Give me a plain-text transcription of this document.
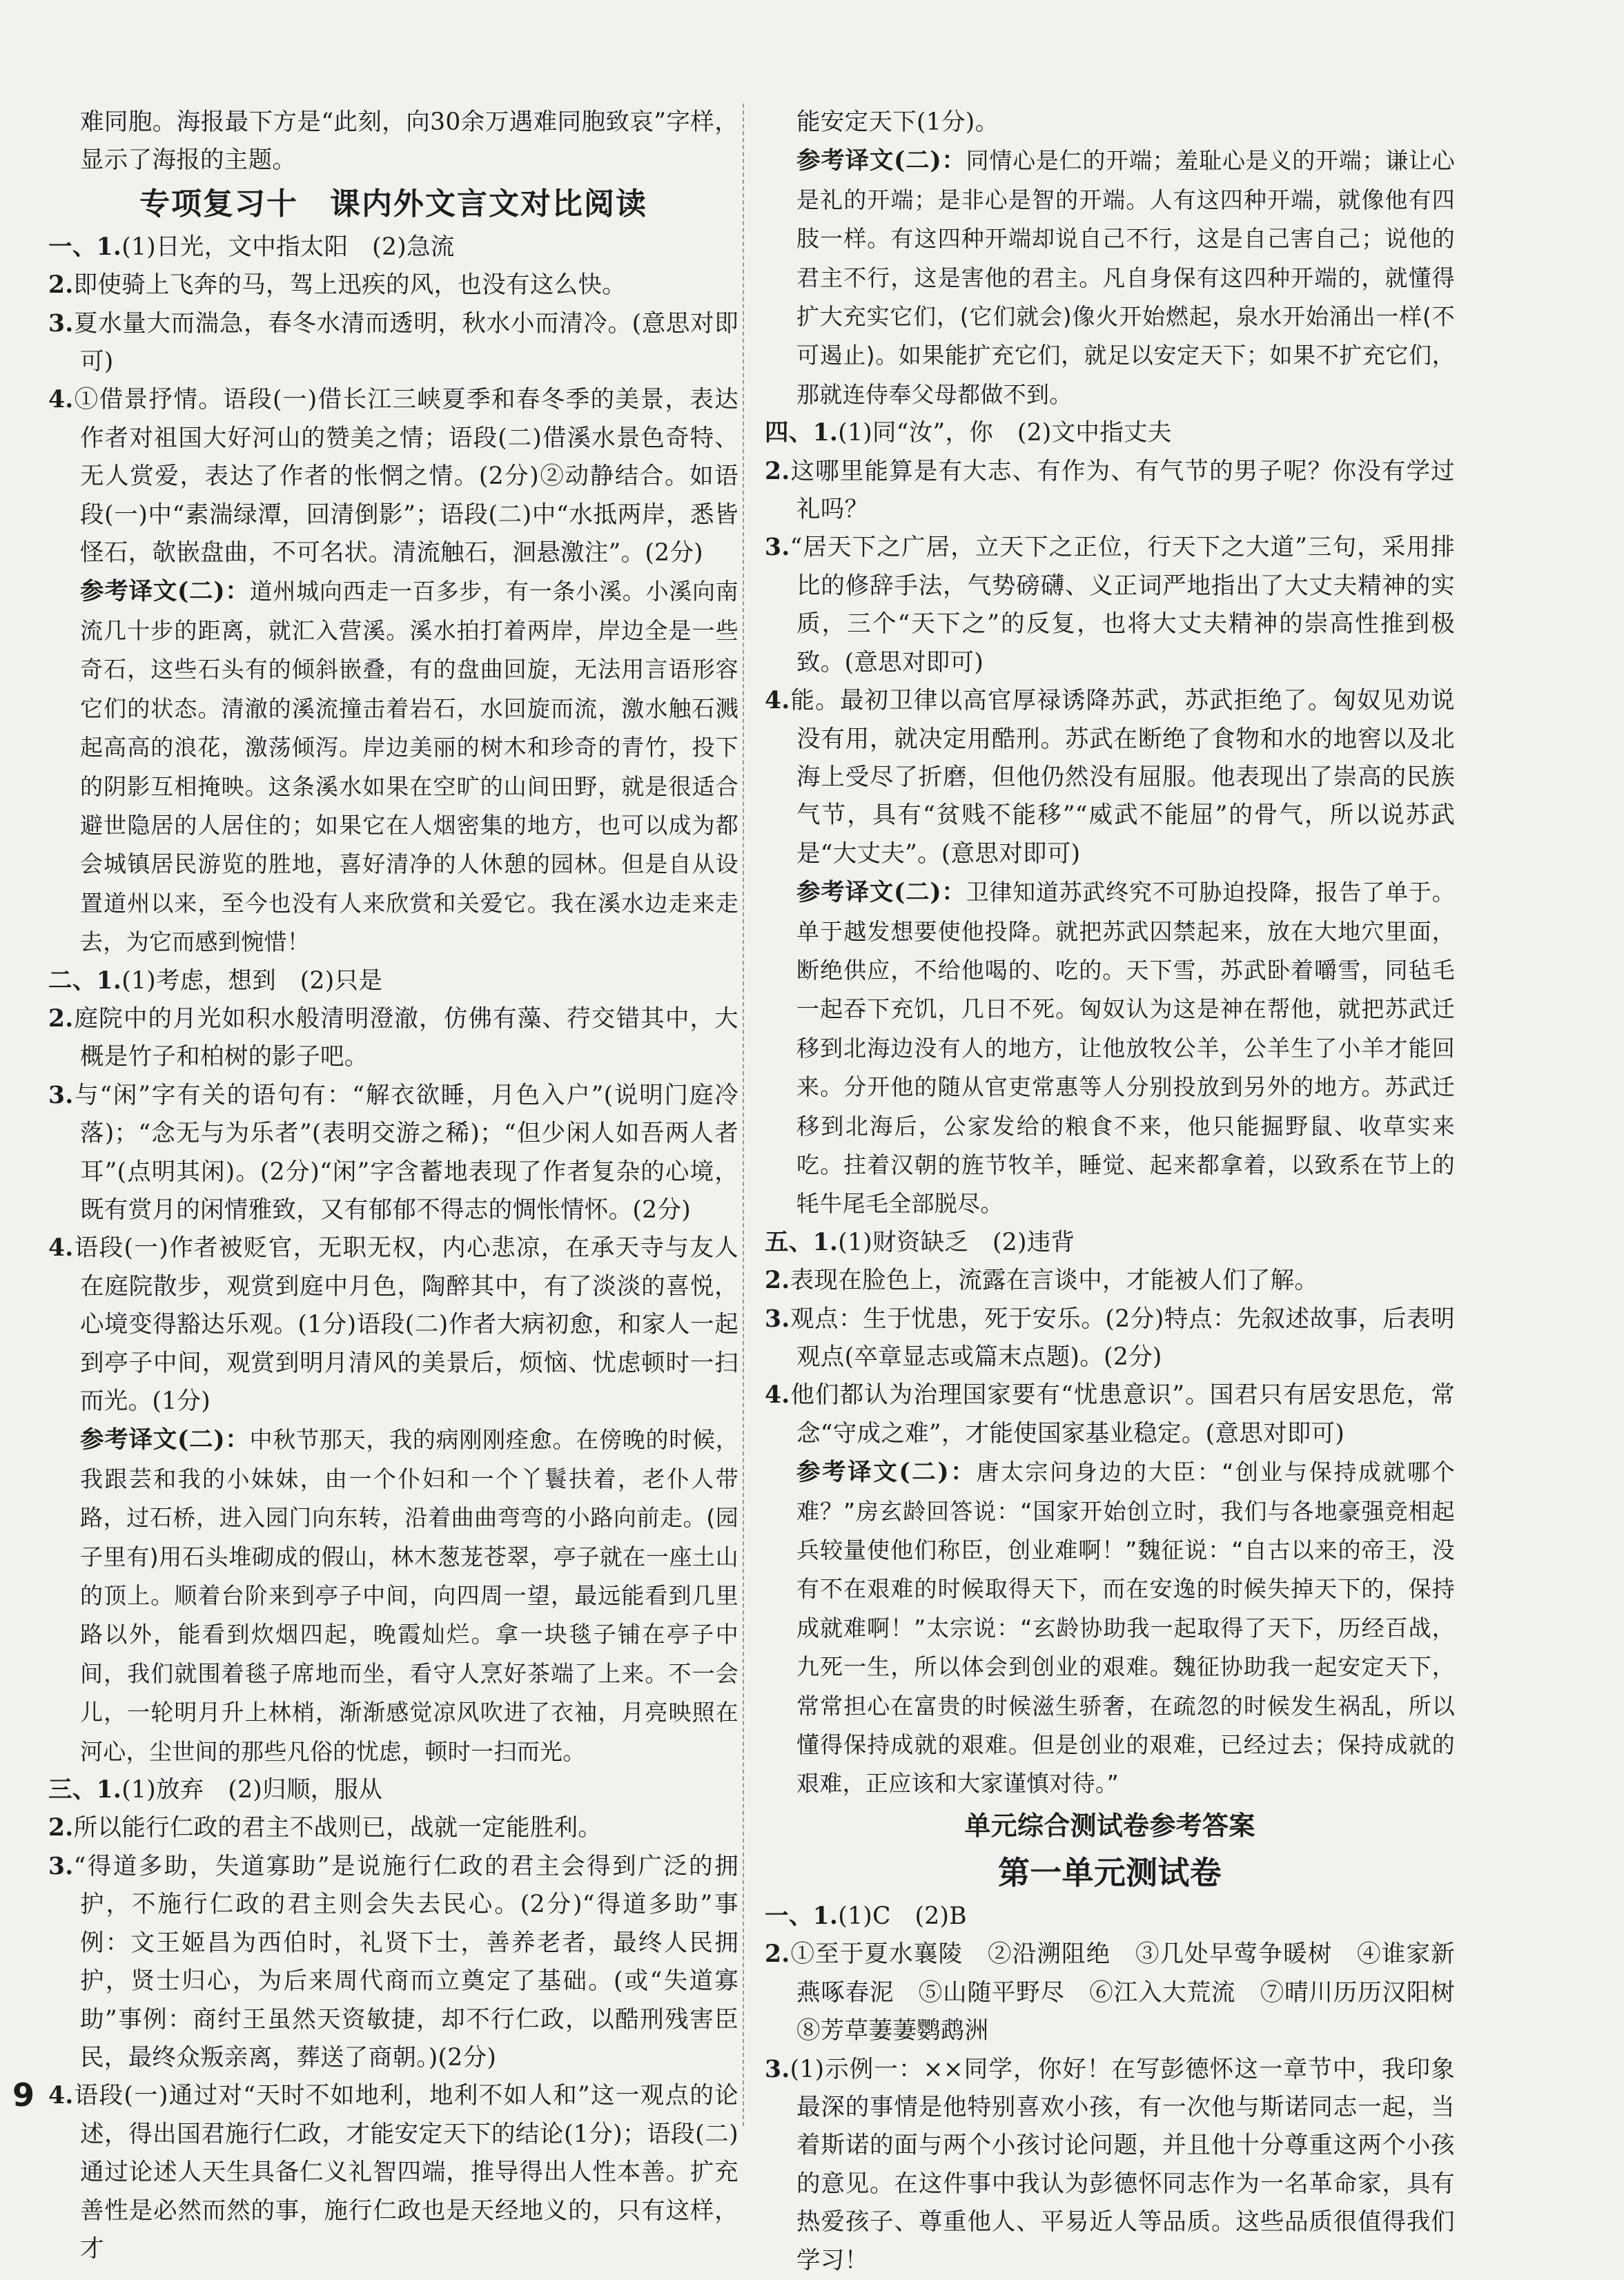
难同胞。海报最下方是“此刻，向30余万遇难同胞致哀”字样，显示了海报的主题。

专项复习十　课内外文言文对比阅读

一、1.(1)日光，文中指太阳　(2)急流

2.即使骑上飞奔的马，驾上迅疾的风，也没有这么快。

3.夏水量大而湍急，春冬水清而透明，秋水小而清冷。(意思对即可)

4.①借景抒情。语段(一)借长江三峡夏季和春冬季的美景，表达作者对祖国大好河山的赞美之情；语段(二)借溪水景色奇特、无人赏爱，表达了作者的怅惘之情。(2分)②动静结合。如语段(一)中“素湍绿潭，回清倒影”；语段(二)中“水抵两岸，悉皆怪石，欹嵌盘曲，不可名状。清流触石，洄悬激注”。(2分)

参考译文(二)：道州城向西走一百多步，有一条小溪。小溪向南流几十步的距离，就汇入营溪。溪水拍打着两岸，岸边全是一些奇石，这些石头有的倾斜嵌叠，有的盘曲回旋，无法用言语形容它们的状态。清澈的溪流撞击着岩石，水回旋而流，激水触石溅起高高的浪花，激荡倾泻。岸边美丽的树木和珍奇的青竹，投下的阴影互相掩映。这条溪水如果在空旷的山间田野，就是很适合避世隐居的人居住的；如果它在人烟密集的地方，也可以成为都会城镇居民游览的胜地，喜好清净的人休憩的园林。但是自从设置道州以来，至今也没有人来欣赏和关爱它。我在溪水边走来走去，为它而感到惋惜！

二、1.(1)考虑，想到　(2)只是

2.庭院中的月光如积水般清明澄澈，仿佛有藻、荇交错其中，大概是竹子和柏树的影子吧。

3.与“闲”字有关的语句有：“解衣欲睡，月色入户”(说明门庭冷落)；“念无与为乐者”(表明交游之稀)；“但少闲人如吾两人者耳”(点明其闲)。(2分)“闲”字含蓄地表现了作者复杂的心境，既有赏月的闲情雅致，又有郁郁不得志的惆怅情怀。(2分)

4.语段(一)作者被贬官，无职无权，内心悲凉，在承天寺与友人在庭院散步，观赏到庭中月色，陶醉其中，有了淡淡的喜悦，心境变得豁达乐观。(1分)语段(二)作者大病初愈，和家人一起到亭子中间，观赏到明月清风的美景后，烦恼、忧虑顿时一扫而光。(1分)

参考译文(二)：中秋节那天，我的病刚刚痊愈。在傍晚的时候，我跟芸和我的小妹妹，由一个仆妇和一个丫鬟扶着，老仆人带路，过石桥，进入园门向东转，沿着曲曲弯弯的小路向前走。(园子里有)用石头堆砌成的假山，林木葱茏苍翠，亭子就在一座土山的顶上。顺着台阶来到亭子中间，向四周一望，最远能看到几里路以外，能看到炊烟四起，晚霞灿烂。拿一块毯子铺在亭子中间，我们就围着毯子席地而坐，看守人烹好茶端了上来。不一会儿，一轮明月升上林梢，渐渐感觉凉风吹进了衣袖，月亮映照在河心，尘世间的那些凡俗的忧虑，顿时一扫而光。

三、1.(1)放弃　(2)归顺，服从

2.所以能行仁政的君主不战则已，战就一定能胜利。

3.“得道多助，失道寡助”是说施行仁政的君主会得到广泛的拥护，不施行仁政的君主则会失去民心。(2分)“得道多助”事例：文王姬昌为西伯时，礼贤下士，善养老者，最终人民拥护，贤士归心，为后来周代商而立奠定了基础。(或“失道寡助”事例：商纣王虽然天资敏捷，却不行仁政，以酷刑残害臣民，最终众叛亲离，葬送了商朝。)(2分)

4.语段(一)通过对“天时不如地利，地利不如人和”这一观点的论述，得出国君施行仁政，才能安定天下的结论(1分)；语段(二)通过论述人天生具备仁义礼智四端，推导得出人性本善。扩充善性是必然而然的事，施行仁政也是天经地义的，只有这样，才

能安定天下(1分)。

参考译文(二)：同情心是仁的开端；羞耻心是义的开端；谦让心是礼的开端；是非心是智的开端。人有这四种开端，就像他有四肢一样。有这四种开端却说自己不行，这是自己害自己；说他的君主不行，这是害他的君主。凡自身保有这四种开端的，就懂得扩大充实它们，(它们就会)像火开始燃起，泉水开始涌出一样(不可遏止)。如果能扩充它们，就足以安定天下；如果不扩充它们，那就连侍奉父母都做不到。

四、1.(1)同“汝”，你　(2)文中指丈夫

2.这哪里能算是有大志、有作为、有气节的男子呢？你没有学过礼吗？

3.“居天下之广居，立天下之正位，行天下之大道”三句，采用排比的修辞手法，气势磅礴、义正词严地指出了大丈夫精神的实质，三个“天下之”的反复，也将大丈夫精神的崇高性推到极致。(意思对即可)

4.能。最初卫律以高官厚禄诱降苏武，苏武拒绝了。匈奴见劝说没有用，就决定用酷刑。苏武在断绝了食物和水的地窖以及北海上受尽了折磨，但他仍然没有屈服。他表现出了崇高的民族气节，具有“贫贱不能移”“威武不能屈”的骨气，所以说苏武是“大丈夫”。(意思对即可)

参考译文(二)：卫律知道苏武终究不可胁迫投降，报告了单于。单于越发想要使他投降。就把苏武囚禁起来，放在大地穴里面，断绝供应，不给他喝的、吃的。天下雪，苏武卧着嚼雪，同毡毛一起吞下充饥，几日不死。匈奴认为这是神在帮他，就把苏武迁移到北海边没有人的地方，让他放牧公羊，公羊生了小羊才能回来。分开他的随从官吏常惠等人分别投放到另外的地方。苏武迁移到北海后，公家发给的粮食不来，他只能掘野鼠、收草实来吃。拄着汉朝的旌节牧羊，睡觉、起来都拿着，以致系在节上的牦牛尾毛全部脱尽。

五、1.(1)财资缺乏　(2)违背

2.表现在脸色上，流露在言谈中，才能被人们了解。

3.观点：生于忧患，死于安乐。(2分)特点：先叙述故事，后表明观点(卒章显志或篇末点题)。(2分)

4.他们都认为治理国家要有“忧患意识”。国君只有居安思危，常念“守成之难”，才能使国家基业稳定。(意思对即可)

参考译文(二)：唐太宗问身边的大臣：“创业与保持成就哪个难？”房玄龄回答说：“国家开始创立时，我们与各地豪强竞相起兵较量使他们称臣，创业难啊！”魏征说：“自古以来的帝王，没有不在艰难的时候取得天下，而在安逸的时候失掉天下的，保持成就难啊！”太宗说：“玄龄协助我一起取得了天下，历经百战，九死一生，所以体会到创业的艰难。魏征协助我一起安定天下，常常担心在富贵的时候滋生骄奢，在疏忽的时候发生祸乱，所以懂得保持成就的艰难。但是创业的艰难，已经过去；保持成就的艰难，正应该和大家谨慎对待。”

单元综合测试卷参考答案
第一单元测试卷

一、1.(1)C　(2)B

2.①至于夏水襄陵　②沿溯阻绝　③几处早莺争暖树　④谁家新燕啄春泥　⑤山随平野尽　⑥江入大荒流　⑦晴川历历汉阳树　⑧芳草萋萋鹦鹉洲

3.(1)示例一：××同学，你好！在写彭德怀这一章节中，我印象最深的事情是他特别喜欢小孩，有一次他与斯诺同志一起，当着斯诺的面与两个小孩讨论问题，并且他十分尊重这两个小孩的意见。在这件事中我认为彭德怀同志作为一名革命家，具有热爱孩子、尊重他人、平易近人等品质。这些品质很值得我们学习！

9
